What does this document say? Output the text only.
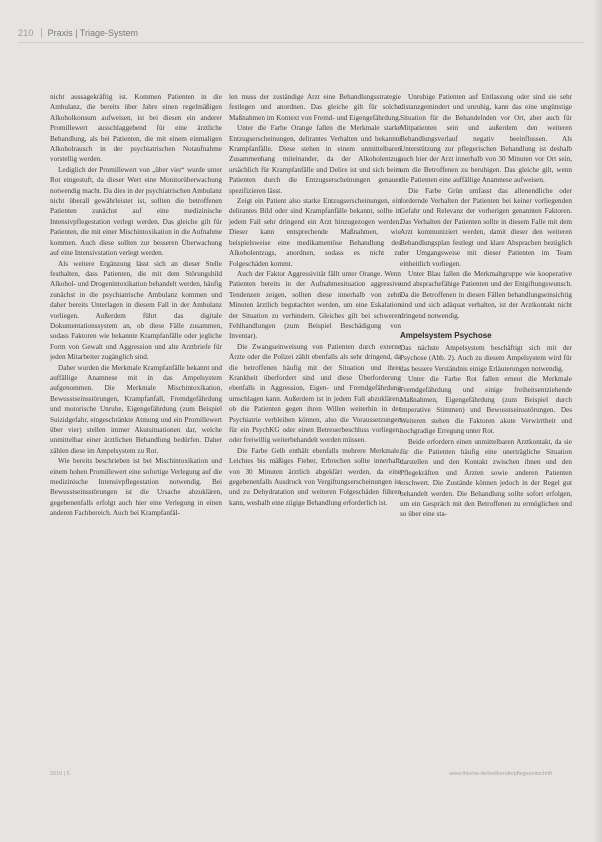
210 Praxis | Triage-System

nicht aussagekräftig ist. Kommen Patienten in die Ambulanz, die bereits über Jahre einen regelmäßigen Alkoholkonsum aufweisen, ist bei diesen ein anderer Promillewert ausschlaggebend für eine ärztliche Behandlung, als bei Patienten, die mit einem einmaligen Alkoholrausch in der psychiatrischen Notaufnahme vorstellig werden.

Lediglich der Promillewert von „über vier“ wurde unter Rot eingestuft, da dieser Wert eine Monitorüberwachung notwendig macht. Da dies in der psychiatrischen Ambulanz nicht überall gewährleistet ist, sollten die betroffenen Patienten zunächst auf eine medizinische Intensivpflegestation verlegt werden. Das gleiche gilt für Patienten, die mit einer Mischintoxikation in die Aufnahme kommen. Auch diese sollten zur besseren Überwachung auf eine Intensivstation verlegt werden.

Als weitere Ergänzung lässt sich an dieser Stelle festhalten, dass Patienten, die mit dem Störungsbild Alkohol- und Drogenintoxikation behandelt werden, häufig zunächst in die psychiatrische Ambulanz kommen und daher bereits Unterlagen in diesem Fall in der Ambulanz vorliegen. Außerdem führt das digitale Dokumentationssystem an, ob diese Fälle zusammen, sodass Faktoren wie bekannte Krampfanfälle oder jegliche Form von Gewalt und Aggression und alte Arztbriefe für jeden Mitarbeiter zugänglich sind.

Daher wurden die Merkmale Krampfanfälle bekannt und auffällige Anamnese mit in das Ampelsystem aufgenommen. Die Merkmale Mischintoxikation, Bewusstseinsstörungen, Krampfanfall, Fremdgefährdung und motorische Unruhe, Eigengefährdung (zum Beispiel Suizidgefahr, eingeschränkte Atmung und ein Promillewert über vier) stellen immer Akutsituationen dar, welche unmittelbar einer ärztlichen Behandlung bedürfen. Daher zählen diese im Ampelsystem zu Rot.

Wie bereits beschrieben ist bei Mischintoxikation und einem hohen Promillewert eine sofortige Verlegung auf die medizinische Intensivpflegestation notwendig. Bei Bewusstseinsstörungen ist die Ursache abzuklären, gegebenenfalls erfolgt auch hier eine Verlegung in einen anderen Fachbereich. Auch bei Krampfanfäl-

len muss der zuständige Arzt eine Behandlungsstrategie festlegen und anordnen. Das gleiche gilt für solche Maßnahmen im Kontext von Fremd- und Eigengefährdung.

Unter die Farbe Orange fallen die Merkmale starke Entzugserscheinungen, delirantes Verhalten und bekannte Krampfanfälle. Diese stehen in einem unmittelbaren Zusammenhang miteinander, da der Alkoholentzug ursächlich für Krampfanfälle und Delire ist und sich beim Patienten durch die Entzugserscheinungen genauer spezifizieren lässt.

Zeigt ein Patient also starke Entzugserscheinungen, ein delirantes Bild oder sind Krampfanfälle bekannt, sollte in jedem Fall sehr dringend ein Arzt hinzugezogen werden. Dieser kann entsprechende Maßnahmen, wie beispielsweise eine medikamentöse Behandlung des Alkoholentzugs, anordnen, sodass es nicht zu Folgeschäden kommt.

Auch der Faktor Aggressivität fällt unter Orange. Wenn Patienten bereits in der Aufnahmesituation aggressive Tendenzen zeigen, sollten diese innerhalb von zehn Minuten ärztlich begutachtet werden, um eine Eskalation der Situation zu verhindern. Gleiches gilt bei schweren Fehlhandlungen (zum Beispiel Beschädigung von Inventar).

Die Zwangseinweisung von Patienten durch externe Ärzte oder die Polizei zählt ebenfalls als sehr dringend, da die betroffenen häufig mit der Situation und ihrer Krankheit überfordert sind und diese Überforderung ebenfalls in Aggression, Eigen- und Fremdgefährdung umschlagen kann. Außerdem ist in jedem Fall abzuklären, ob die Patienten gegen ihren Willen weiterhin in der Psychiatrie verbleiben können, also die Voraussetzungen für ein PsychKG oder einen Betreuerbeschluss vorliegen, oder freiwillig weiterbehandelt werden müssen.

Die Farbe Gelb enthält ebenfalls mehrere Merkmale. Leichtes bis mäßiges Fieber, Erbrechen sollte innerhalb von 30 Minuten ärztlich abgeklärt werden, da eine gegebenenfalls Ausdruck von Vergiftungserscheinungen ist und zu Dehydratation und weiteren Folgeschäden führen kann, weshalb eine zügige Behandlung erforderlich ist.

Unruhige Patienten auf Entlassung oder sind sie sehr distanzgemindert und unruhig, kann das eine ungünstige Situation für die Behandelnden vor Ort, aber auch für Mitpatienten sein und außerdem den weiteren Behandlungsverlauf negativ beeinflussen. Als Unterstützung zur pflegerischen Behandlung ist deshalb auch hier der Arzt innerhalb von 30 Minuten vor Ort sein, um die Betroffenen zu beruhigen. Das gleiche gilt, wenn die Patienten eine auffällige Anamnese aufweisen.

Die Farbe Grün umfasst das allenendliche oder fordernde Verhalten der Patienten bei keiner vorliegenden Gefahr und Relevanz der vorherigen genannten Faktoren. Das Verhalten der Patienten sollte in diesem Falle mit dem Arzt kommuniziert werden, damit dieser den weiteren Behandlungsplan festlegt und klare Absprachen bezüglich der Umgangsweise mit dieser Patienten im Team einheitlich vorliegen.

Unter Blau fallen die Merkmaltgruppe wie kooperative und absprachefähige Patienten und der Entgiftungswunsch. Da die Betroffenen in diesen Fällen behandlungseinsichtig sind und sich adäquat verhalten, ist der Arztkontakt nicht dringend notwendig.

Ampelsystem Psychose

Das nächste Ampelsystem beschäftigt sich mit der Psychose (Abb. 2). Auch zu diesem Ampelsystem wird für das bessere Verständnis einige Erläuterungen notwendig.

Unter die Farbe Rot fallen erneut die Merkmale Fremdgefährdung und einige freiheitsentziehende Maßnahmen, Eigengefährdung (zum Beispiel durch imperative Stimmen) und Bewusstseinsstörungen. Des Weiteren stehen die Faktoren akute Verwirrtheit und hochgradige Erregung unter Rot.

Beide erfordern einen unmittelbaren Arztkontakt, da sie für die Patienten häufig eine unerträgliche Situation darstellen und den Kontakt zwischen ihnen und den Pflegekräften und Ärzten sowie anderen Patienten erschwert. Die Zustände können jedoch in der Regel gut behandelt werden. Die Behandlung sollte sofort erfolgen, um ein Gespräch mit den Betroffenen zu ermöglichen und so über eine sta-

2010 | 5	www.thieme.de/heilberufe/pflegezeitschrift
